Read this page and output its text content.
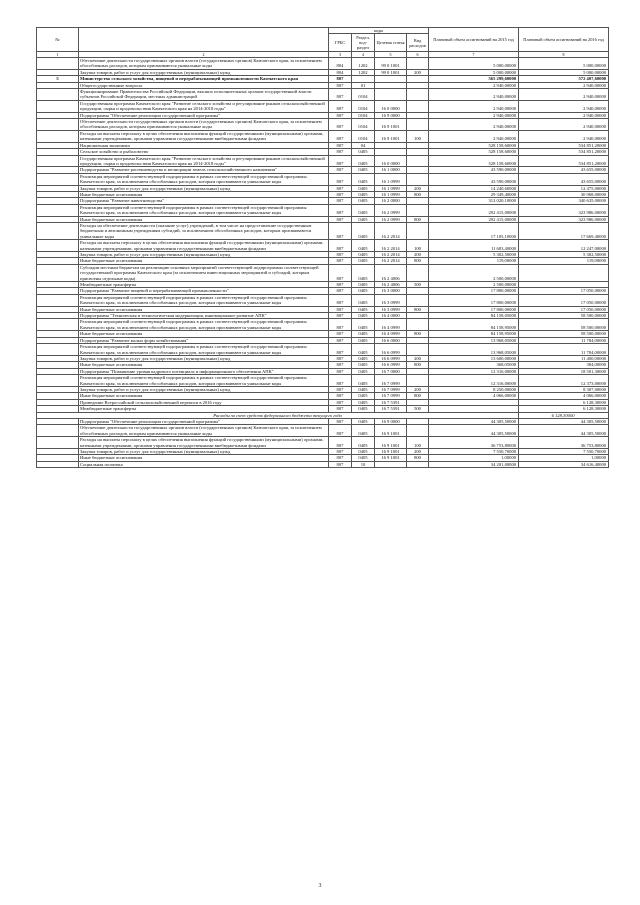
№		коды				Плановый объем ассигнований на 2015 год	Плановый объем ассигнований на 2016 год
		ГРБС	Раздел, под-раздел	Целевая статья	Вид расходов		
1	2	3	4	5	6	7	8
	Обеспечение деятельности государственных органов власти (государственных органов) Камчатского края, за исключением обособленных расходов, которым присваиваются уникальные коды	804	1202	99 0 1001		5 000,00000	5 000,00000
	Закупка товаров, работ и услуг для государственных (муниципальных) нужд	804	1202	99 0 1001	200	5 000,00000	5 000,00000
5	Министерство сельского хозяйства, пищевой и перерабатывающей промышленности Камчатского края	807				565 299,60000	572 407,60000
	Общегосударственные вопросы	807	01			2 940,00000	2 940,00000
	Функционирование Правительства Российской Федерации, высших исполнительных органов государственной власти субъектов Российской Федерации, местных администраций	807	0104			2 940,00000	2 940,00000
	Государственная программа Камчатского края "Развитие сельского хозяйства и регулирование рынков сельскохозяйственной продукции, сырья и продовольствия Камчатского края на 2014-2018 годы"	807	0104	16 0 0000		2 940,00000	2 940,00000
	Подпрограмма "Обеспечение реализации государственной программы"	807	0104	16 9 0000		2 940,00000	2 940,00000
	Обеспечение деятельности государственных органов власти (государственных органов) Камчатского края, за исключением обособленных расходов, которым присваиваются уникальные коды	807	0104	16 9 1001		2 940,00000	2 940,00000
	Расходы на выплаты персоналу в целях обеспечения выполнения функций государственными (муниципальными) органами, казенными учреждениями, органами управления государственными внебюджетными фондами	807	0104	16 9 1001	100	2 940,00000	2 940,00000
	Национальная экономика	807	04			528 158,60000	534 851,20000
	Сельское хозяйство и рыболовство	807	0405			528 158,60000	534 851,20000
	Государственная программа Камчатского края "Развитие сельского хозяйства и регулирование рынков сельскохозяйственной продукции, сырья и продовольствия Камчатского края на 2014-2018 годы"	807	0405	16 0 0000		528 158,60000	534 851,20000
	Подпрограмма "Развитие растениеводства и мелиорации земель сельскохозяйственного назначения"	807	0405	16 1 0000		43 590,00000	43 655,00000
	Реализация мероприятий соответствующей подпрограммы в рамках соответствующей государственной программы Камчатского края, за исключением обособленных расходов, которым присваиваются уникальные коды	807	0405	16 1 0999		43 590,00000	43 655,00000
	Закупка товаров, работ и услуг для государственных (муниципальных) нужд	807	0405	16 1 0999	200	14 240,60000	12 475,00000
	Иные бюджетные ассигнования	807	0405	16 1 0999	800	29 349,40000	30 968,00000
	Подпрограмма "Развитие животноводства"	807	0405	16 2 0000		312 020,10000	340 635,00000
	Реализация мероприятий соответствующей подпрограммы в рамках соответствующей государственной программы Камчатского края, за исключением обособленных расходов, которым присваиваются уникальные коды	807	0405	16 2 0999		292 415,00000	323 986,00000
	Иные бюджетные ассигнования	807	0405	16 2 0999	800	292 415,00000	323 986,00000
	Расходы на обеспечение деятельности (оказание услуг) учреждений, в том числе на предоставление государственным бюджетным и автономным учреждениям субсидий, за исключением обособленных расходов, которым присваиваются уникальные коды	807	0405	16 2 2014		17 105,10000	17 669,40000
	Расходы на выплаты персоналу в целях обеспечения выполнения функций государственными (муниципальными) органами, казенными учреждениями, органами управления государственными внебюджетными фондами	807	0405	16 2 2014	100	11 683,40000	12 247,00000
	Закупка товаров, работ и услуг для государственных (муниципальных) нужд	807	0405	16 2 2014	200	5 302,50000	5 302,50000
	Иные бюджетные ассигнования	807	0405	16 2 2014	800	119,00000	119,00000
	Субсидии местным бюджетам на реализацию основных мероприятий соответствующей подпрограммы соответствующей государственной программы Камчатского края (за исключением инвестиционных мероприятий и субсидий, которым присвоены отдельные коды)	807	0405	16 2 4006		2 500,00000	
	Межбюджетные трансферты	807	0405	16 2 4006	500	2 500,00000	
	Подпрограмма "Развитие пищевой и перерабатывающей промышленности"	807	0405	16 3 0000		17 800,00000	17 050,00000
	Реализация мероприятий соответствующей подпрограммы в рамках соответствующей государственной программы Камчатского края, за исключением обособленных расходов, которым присваиваются уникальные коды	807	0405	16 3 0999		17 800,00000	17 050,00000
	Иные бюджетные ассигнования	807	0405	16 3 0999	800	17 800,00000	17 050,00000
	Подпрограмма "Техническая и технологическая модернизация, инновационное развитие АПК"	807	0405	16 4 0000		84 158,05000	58 500,00000
	Реализация мероприятий соответствующей подпрограммы в рамках соответствующей государственной программы Камчатского края, за исключением обособленных расходов, которым присваиваются уникальные коды	807	0405	16 4 0999		84 158,95000	58 500,00000
	Иные бюджетные ассигнования	807	0405	16 4 0999	800	84 158,95000	58 500,00000
	Подпрограмма "Развитие малых форм хозяйствования"	807	0405	16 6 0000		13 968,05000	11 784,00000
	Реализация мероприятий соответствующей подпрограммы в рамках соответствующей государственной программы Камчатского края, за исключением обособленных расходов, которым присваиваются уникальные коды	807	0405	16 6 0999		13 968,05000	11 784,00000
	Закупка товаров, работ и услуг для государственных (муниципальных) нужд	807	0405	16 6 0999	200	13 600,00000	11 400,00000
	Иные бюджетные ассигнования	807	0405	16 6 0999	800	368,05000	384,00000
	Подпрограмма "Повышение уровня кадрового потенциала и информационного обеспечения АПК"	807	0405	16 7 0000		12 316,00000	18 501,30000
	Реализация мероприятий соответствующей подпрограммы в рамках соответствующей государственной программы Камчатского края, за исключением обособленных расходов, которым присваиваются уникальные коды	807	0405	16 7 0999		12 316,00000	12 373,00000
	Закупка товаров, работ и услуг для государственных (муниципальных) нужд	807	0405	16 7 0999	200	8 250,00000	8 307,00000
	Иные бюджетные ассигнования	807	0405	16 7 0999	800	4 066,00000	4 066,00000
	Проведение Всероссийской сельскохозяйственной переписи в 2016 году	807	0405	16 7 5391			6 128,30000
	Межбюджетные трансферты	807	0405	16 7 5391	500		6 128,30000
Расходы за счет средств федерального бюджета текущего года							6 128,30000
	Подпрограмма "Обеспечение реализации государственной программы"	807	0405	16 9 0000		44 305,50000	44 305,50000
	Обеспечение деятельности государственных органов власти (государственных органов) Камчатского края, за исключением обособленных расходов, которым присваиваются уникальные коды	807	0405	16 9 1001		44 305,50000	44 305,50000
	Расходы на выплаты персоналу в целях обеспечения выполнения функций государственными (муниципальными) органами, казенными учреждениями, органами управления государственными внебюджетными фондами	807	0405	16 9 1001	100	36 753,80000	36 753,80000
	Закупка товаров, работ и услуг для государственных (муниципальных) нужд	807	0405	16 9 1001	200	7 550,70000	7 550,70000
	Иные бюджетные ассигнования	807	0405	16 9 1001	800	1,00000	1,00000
	Социальная политика	807	10			34 201,00000	34 616,40000
3
